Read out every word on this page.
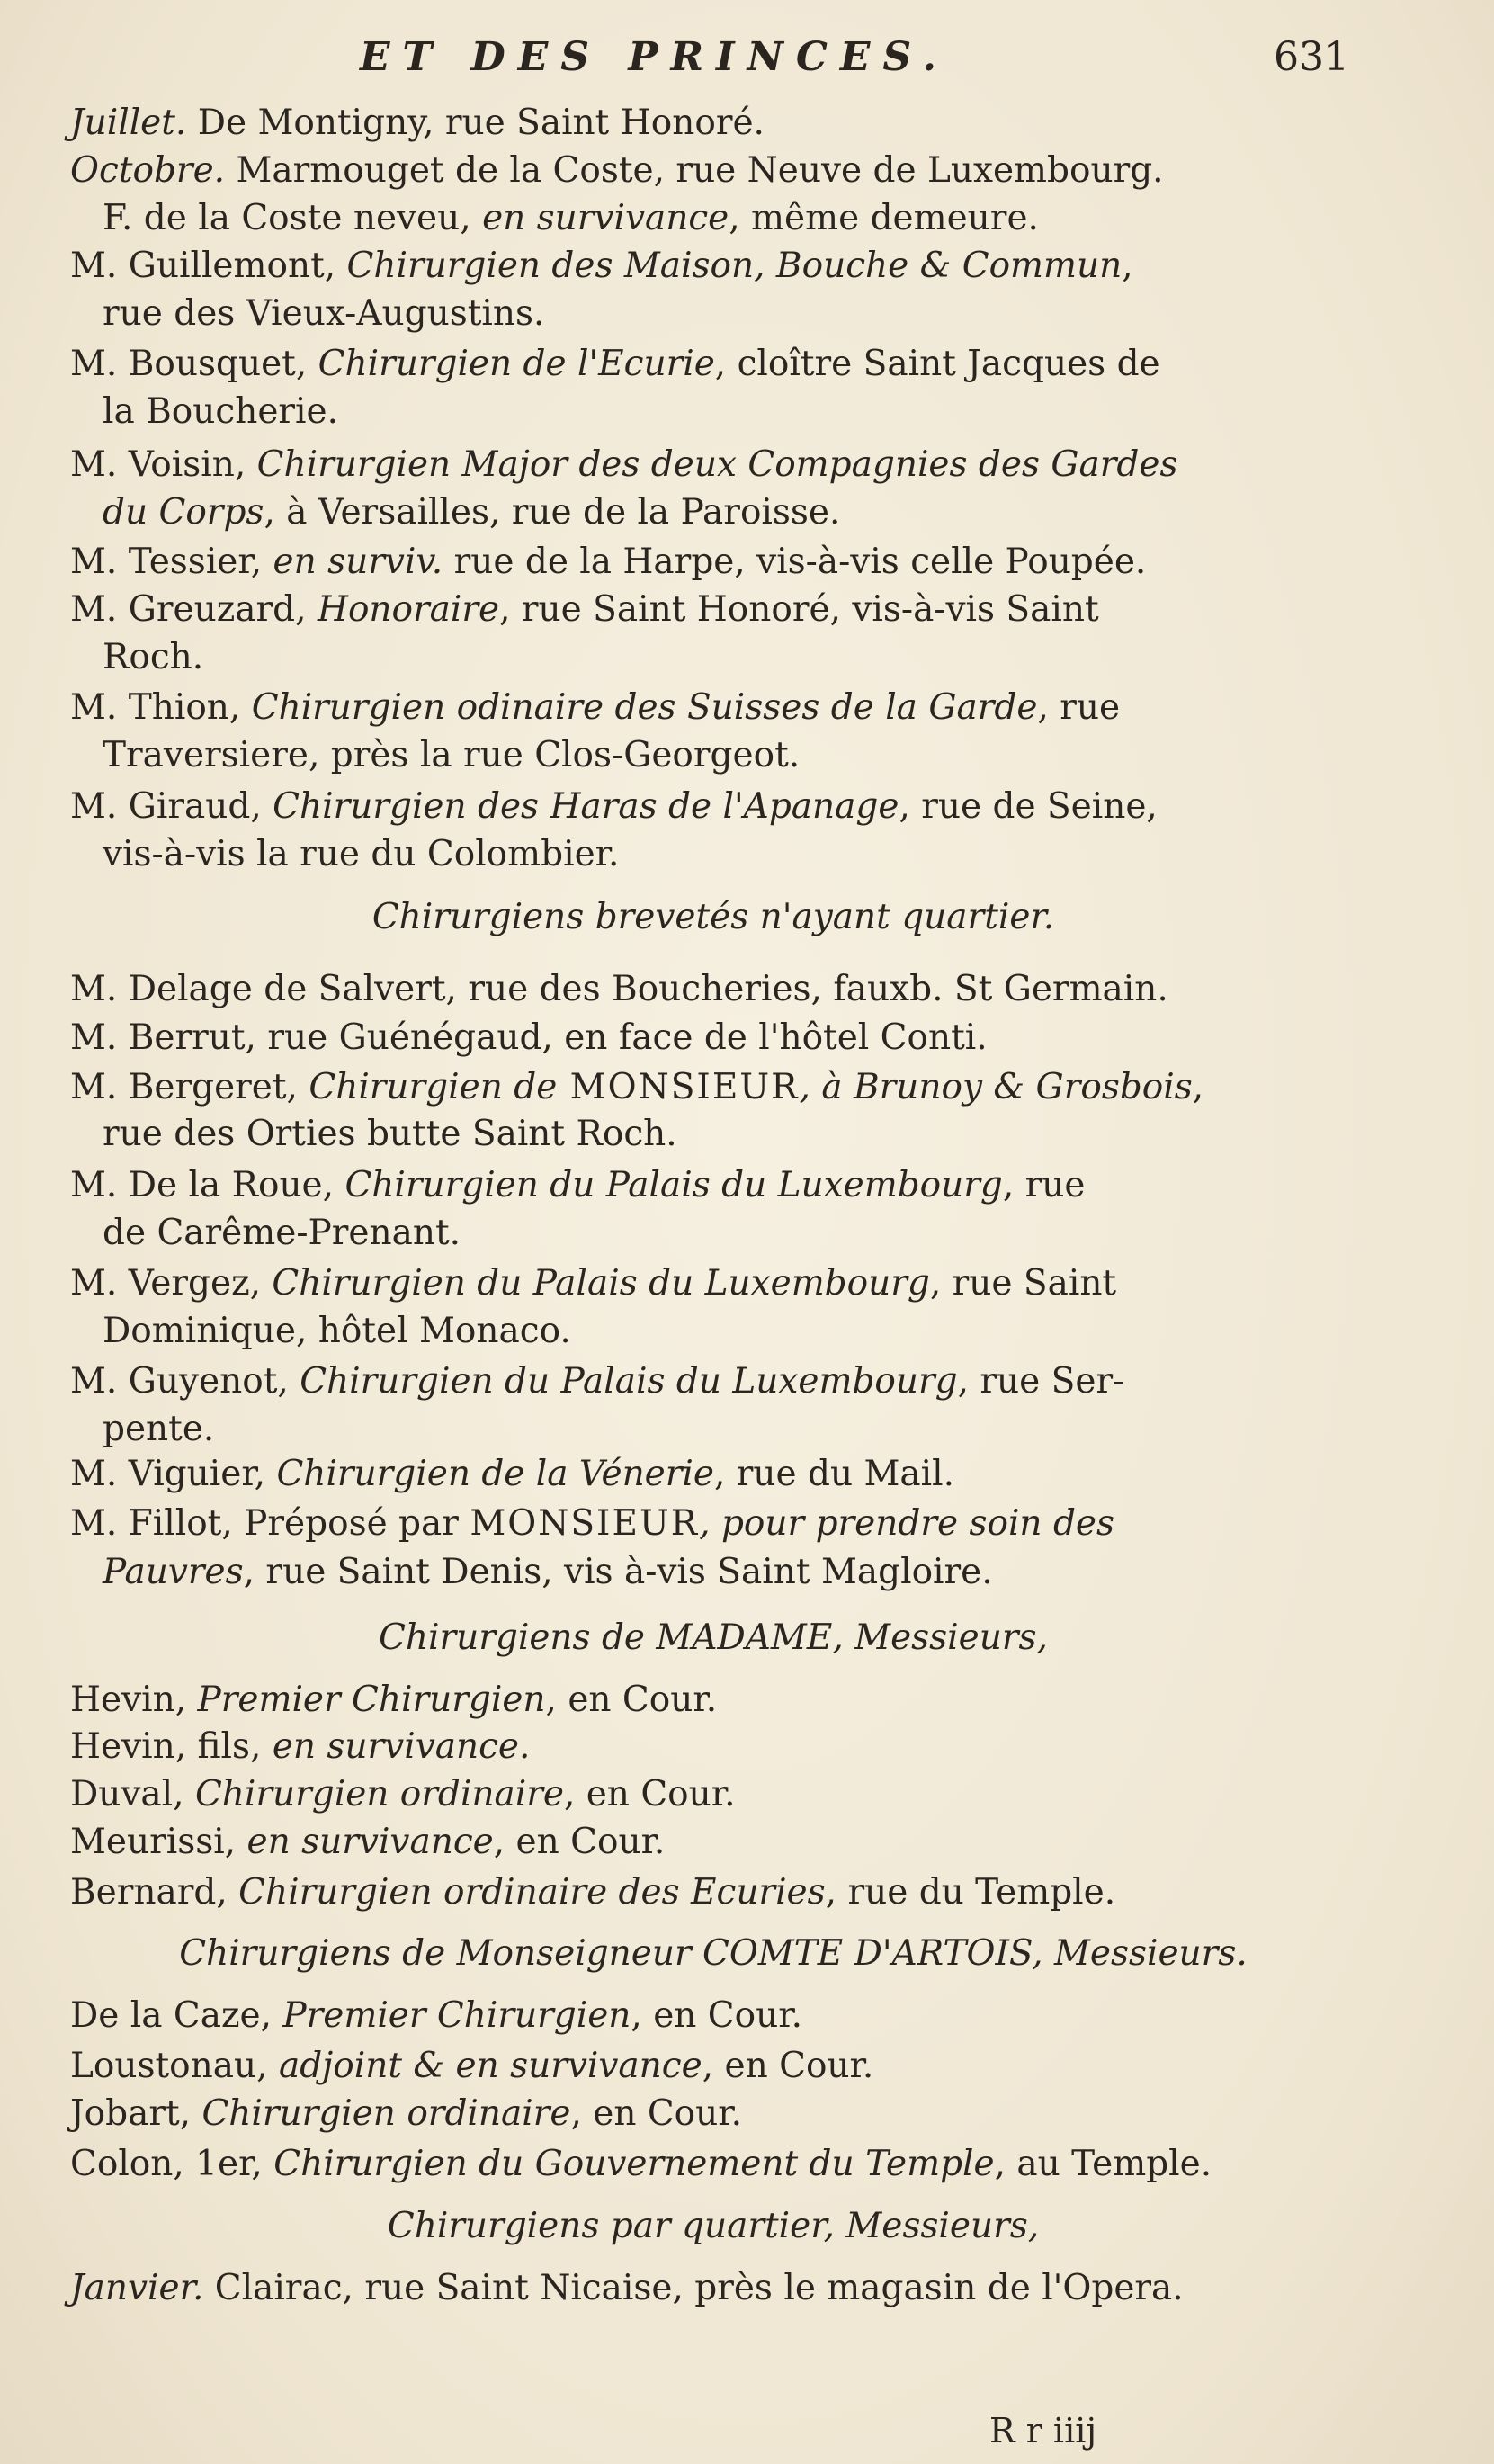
ET DES PRINCES.	631
Juillet. De Montigny, rue Saint Honoré.
Octobre. Marmouget de la Coste, rue Neuve de Luxembourg.
F. de la Coste neveu, en survivance, même demeure.
M. Guillemont, Chirurgien des Maison, Bouche & Commun,
rue des Vieux-Augustins.
M. Bousquet, Chirurgien de l'Ecurie, cloître Saint Jacques de
la Boucherie.
M. Voisin, Chirurgien Major des deux Compagnies des Gardes
du Corps, à Versailles, rue de la Paroisse.
M. Tessier, en surviv. rue de la Harpe, vis-à-vis celle Poupée.
M. Greuzard, Honoraire, rue Saint Honoré, vis-à-vis Saint
Roch.
M. Thion, Chirurgien odinaire des Suisses de la Garde, rue
Traversiere, près la rue Clos-Georgeot.
M. Giraud, Chirurgien des Haras de l'Apanage, rue de Seine,
vis-à-vis la rue du Colombier.
Chirurgiens brevetés n'ayant quartier.
M. Delage de Salvert, rue des Boucheries, fauxb. St Germain.
M. Berrut, rue Guénégaud, en face de l'hôtel Conti.
M. Bergeret, Chirurgien de MONSIEUR, à Brunoy & Grosbois,
rue des Orties butte Saint Roch.
M. De la Roue, Chirurgien du Palais du Luxembourg, rue
de Carême-Prenant.
M. Vergez, Chirurgien du Palais du Luxembourg, rue Saint
Dominique, hôtel Monaco.
M. Guyenot, Chirurgien du Palais du Luxembourg, rue Ser-
pente.
M. Viguier, Chirurgien de la Vénerie, rue du Mail.
M. Fillot, Préposé par MONSIEUR, pour prendre soin des
Pauvres, rue Saint Denis, vis à-vis Saint Magloire.
Chirurgiens de MADAME, Messieurs,
Hevin, Premier Chirurgien, en Cour.
Hevin, fils, en survivance.
Duval, Chirurgien ordinaire, en Cour.
Meurissi, en survivance, en Cour.
Bernard, Chirurgien ordinaire des Ecuries, rue du Temple.
Chirurgiens de Monseigneur COMTE D'ARTOIS, Messieurs.
De la Caze, Premier Chirurgien, en Cour.
Loustonau, adjoint & en survivance, en Cour.
Jobart, Chirurgien ordinaire, en Cour.
Colon, 1er, Chirurgien du Gouvernement du Temple, au Temple.
Chirurgiens par quartier, Messieurs,
Janvier. Clairac, rue Saint Nicaise, près le magasin de l'Opera.
R r iiij
